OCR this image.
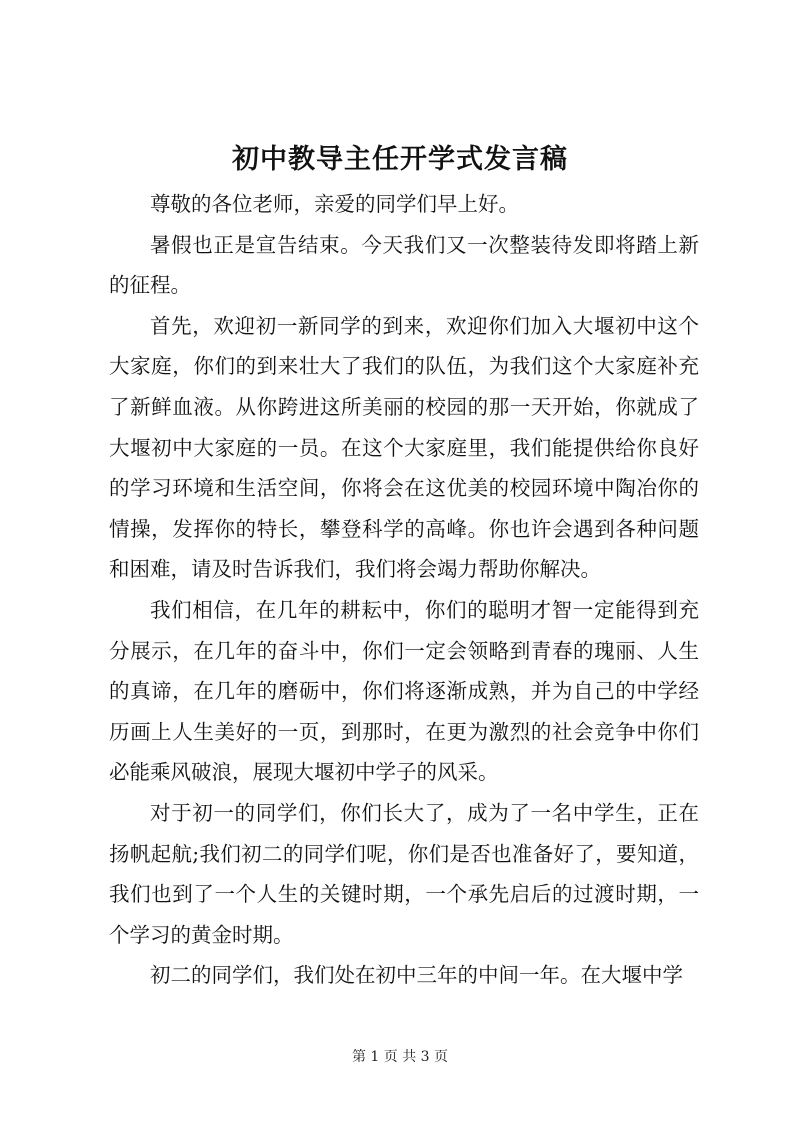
初中教导主任开学式发言稿

尊敬的各位老师，亲爱的同学们早上好。

暑假也正是宣告结束。今天我们又一次整装待发即将踏上新的征程。

首先，欢迎初一新同学的到来，欢迎你们加入大堰初中这个大家庭，你们的到来壮大了我们的队伍，为我们这个大家庭补充了新鲜血液。从你跨进这所美丽的校园的那一天开始，你就成了大堰初中大家庭的一员。在这个大家庭里，我们能提供给你良好的学习环境和生活空间，你将会在这优美的校园环境中陶冶你的情操，发挥你的特长，攀登科学的高峰。你也许会遇到各种问题和困难，请及时告诉我们，我们将会竭力帮助你解决。

我们相信，在几年的耕耘中，你们的聪明才智一定能得到充分展示，在几年的奋斗中，你们一定会领略到青春的瑰丽、人生的真谛，在几年的磨砺中，你们将逐渐成熟，并为自己的中学经历画上人生美好的一页，到那时，在更为激烈的社会竞争中你们必能乘风破浪，展现大堰初中学子的风采。

对于初一的同学们，你们长大了，成为了一名中学生，正在扬帆起航;我们初二的同学们呢，你们是否也准备好了，要知道，我们也到了一个人生的关键时期，一个承先启后的过渡时期，一个学习的黄金时期。

初二的同学们，我们处在初中三年的中间一年。在大堰中学

第 1 页 共 3 页
